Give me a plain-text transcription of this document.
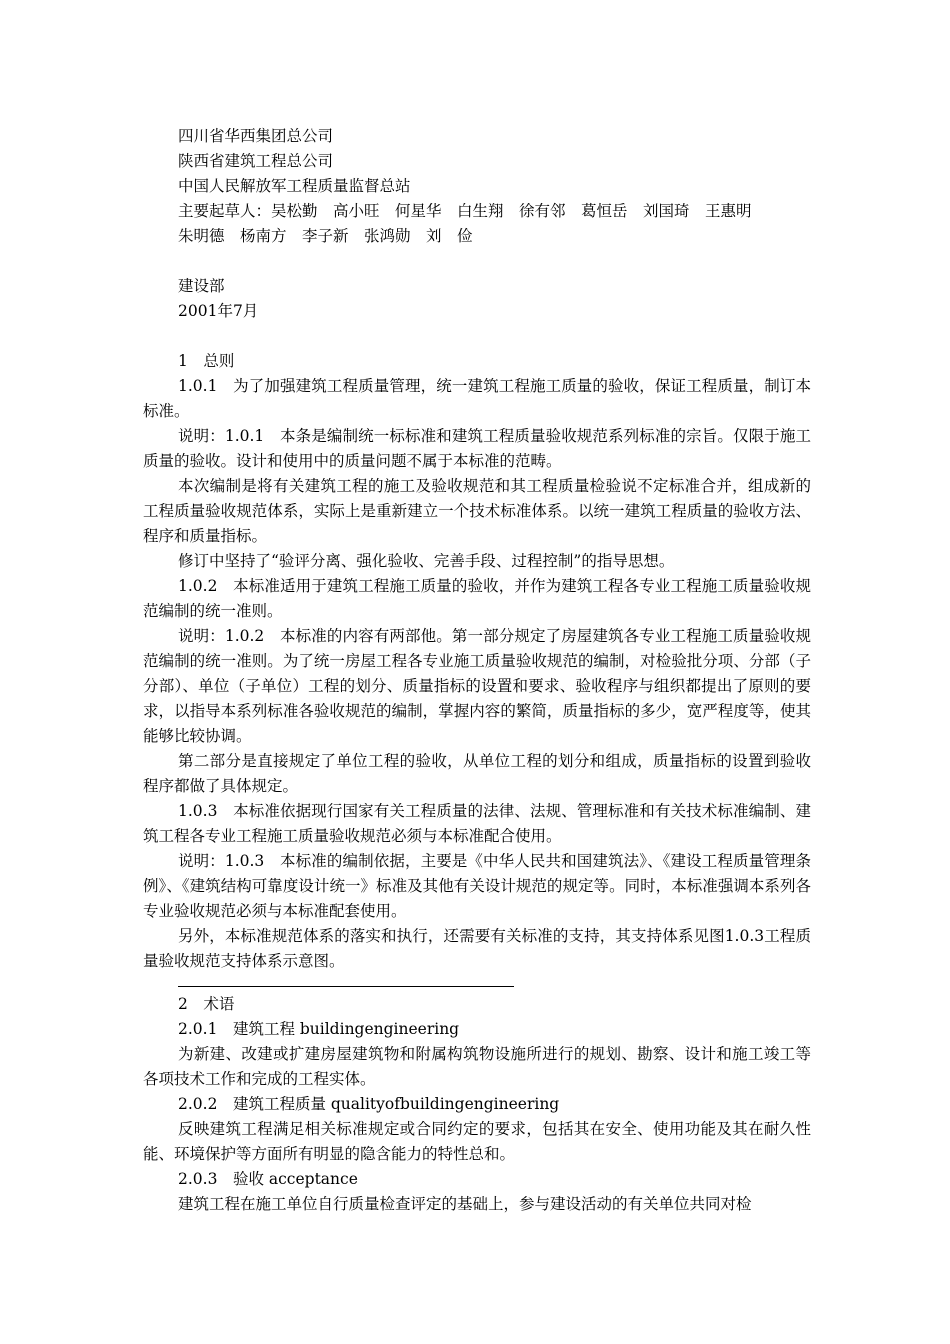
四川省华西集团总公司

陕西省建筑工程总公司

中国人民解放军工程质量监督总站

主要起草人：吴松勤　高小旺　何星华　白生翔　徐有邻　葛恒岳　刘国琦　王惠明

朱明德　杨南方　李子新　张鸿勋　刘　俭

建设部

2001年7月

1　总则

1.0.1　为了加强建筑工程质量管理，统一建筑工程施工质量的验收，保证工程质量，制订本标准。

说明：1.0.1　本条是编制统一标标准和建筑工程质量验收规范系列标准的宗旨。仅限于施工质量的验收。设计和使用中的质量问题不属于本标准的范畴。

本次编制是将有关建筑工程的施工及验收规范和其工程质量检验说不定标准合并，组成新的工程质量验收规范体系，实际上是重新建立一个技术标准体系。以统一建筑工程质量的验收方法、程序和质量指标。

修订中坚持了“验评分离、强化验收、完善手段、过程控制”的指导思想。

1.0.2　本标准适用于建筑工程施工质量的验收，并作为建筑工程各专业工程施工质量验收规范编制的统一准则。

说明：1.0.2　本标准的内容有两部他。第一部分规定了房屋建筑各专业工程施工质量验收规范编制的统一准则。为了统一房屋工程各专业施工质量验收规范的编制，对检验批分项、分部（子分部）、单位（子单位）工程的划分、质量指标的设置和要求、验收程序与组织都提出了原则的要求，以指导本系列标准各验收规范的编制，掌握内容的繁简，质量指标的多少，宽严程度等，使其能够比较协调。

第二部分是直接规定了单位工程的验收，从单位工程的划分和组成，质量指标的设置到验收程序都做了具体规定。

1.0.3　本标准依据现行国家有关工程质量的法律、法规、管理标准和有关技术标准编制、建筑工程各专业工程施工质量验收规范必须与本标准配合使用。

说明：1.0.3　本标准的编制依据，主要是《中华人民共和国建筑法》、《建设工程质量管理条例》、《建筑结构可靠度设计统一》标准及其他有关设计规范的规定等。同时，本标准强调本系列各专业验收规范必须与本标准配套使用。

另外，本标准规范体系的落实和执行，还需要有关标准的支持，其支持体系见图1.0.3工程质量验收规范支持体系示意图。

2　术语

2.0.1　建筑工程 buildingengineering

为新建、改建或扩建房屋建筑物和附属构筑物设施所进行的规划、勘察、设计和施工竣工等各项技术工作和完成的工程实体。

2.0.2　建筑工程质量 qualityofbuildingengineering

反映建筑工程满足相关标准规定或合同约定的要求，包括其在安全、使用功能及其在耐久性能、环境保护等方面所有明显的隐含能力的特性总和。

2.0.3　验收 acceptance

建筑工程在施工单位自行质量检查评定的基础上，参与建设活动的有关单位共同对检
